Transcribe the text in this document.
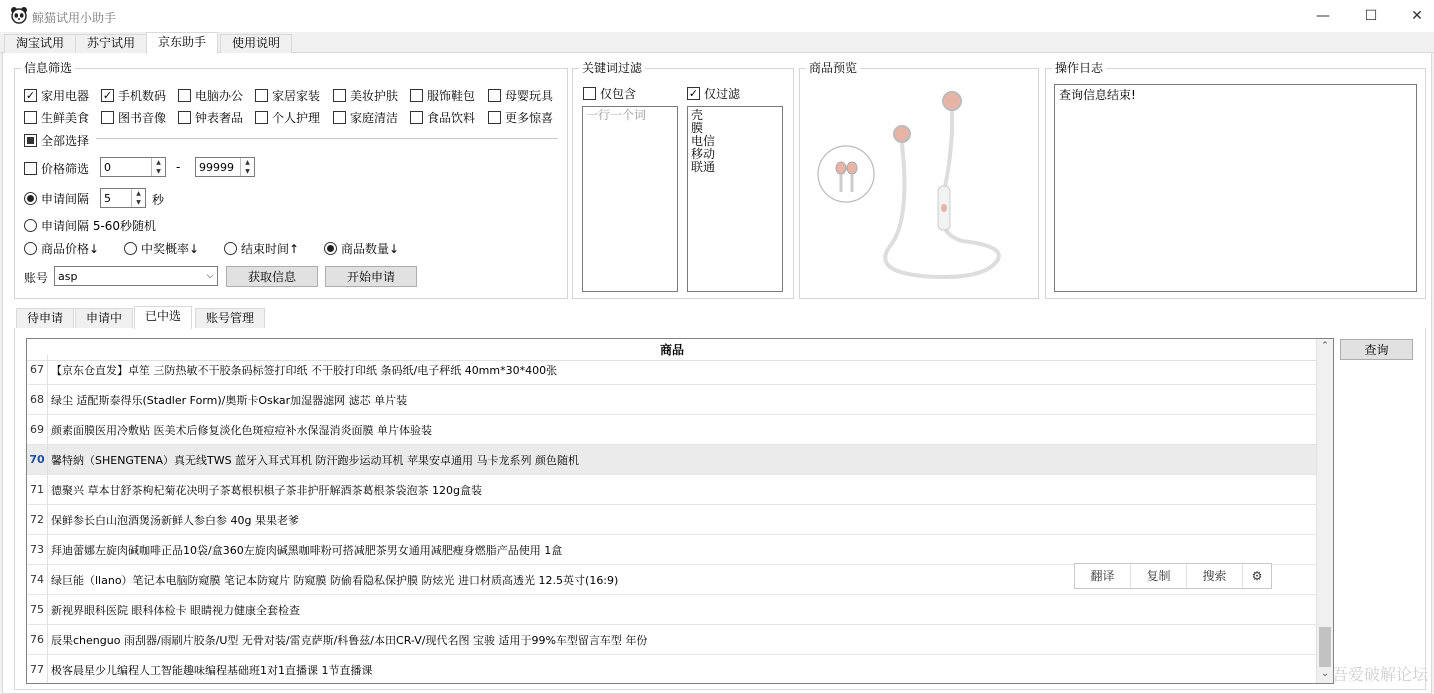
鲸猫试用小助手	—	☐	✕
淘宝试用	苏宁试用	京东助手	使用说明
信息筛选
全部选择
价格筛选 0	▲
▼	- 99999	▲
▼
申请间隔 5	▲
▼ 秒
申请间隔 5-60秒随机
商品价格↓	中奖概率↓	结束时间↑	商品数量↓
账号 asp	⌵	获取信息	开始申请
关键词过滤
仅包含	✓ 仅过滤
一行一个词	壳
膜
电信
移动
联通
商品预览	操作日志
查询信息结束!
待申请	申请中	已中选	账号管理
商品
67 【京东仓直发】卓笙 三防热敏不干胶条码标签打印纸 不干胶打印纸 条码纸/电子秤纸 40mm*30*400张
68 绿尘 适配斯泰得乐(Stadler Form)/奥斯卡Oskar加湿器滤网 滤芯 单片装
69 颜素面膜医用冷敷贴 医美术后修复淡化色斑痘痘补水保湿消炎面膜 单片体验装
70 馨特納（SHENGTENA）真无线TWS 蓝牙入耳式耳机 防汗跑步运动耳机 苹果安卓通用 马卡龙系列 颜色随机
71 德聚兴 草本甘舒茶枸杞菊花决明子茶葛根枳椇子茶非护肝解酒茶葛根茶袋泡茶 120g盒装
72 保鲜参长白山泡酒煲汤新鲜人参白参 40g 果果老爹
73 拜迪蕾娜左旋肉碱咖啡正品10袋/盒360左旋肉碱黑咖啡粉可搭减肥茶男女通用减肥瘦身燃脂产品使用 1盒
74 绿巨能（llano）笔记本电脑防窥膜 笔记本防窥片 防窥膜 防偷看隐私保护膜 防炫光 进口材质高透光 12.5英寸(16:9)
75 新视界眼科医院 眼科体检卡 眼睛视力健康全套检查
76 辰果chenguo 雨刮器/雨刷片胶条/U型 无骨对装/雷克萨斯/科鲁兹/本田CR-V/现代名图 宝骏 适用于99%车型留言车型 年份
77 极客晨星少儿编程人工智能趣味编程基础班1对1直播课 1节直播课
⌃
⌄
查询
翻译	复制	搜索	⚙
吾爱破解论坛
✓ 家用电器 ✓ 手机数码 电脑办公 家居家装 美妆护肤 服饰鞋包 母婴玩具
生鲜美食 图书音像 钟表奢品 个人护理 家庭清洁 食品饮料 更多惊喜
